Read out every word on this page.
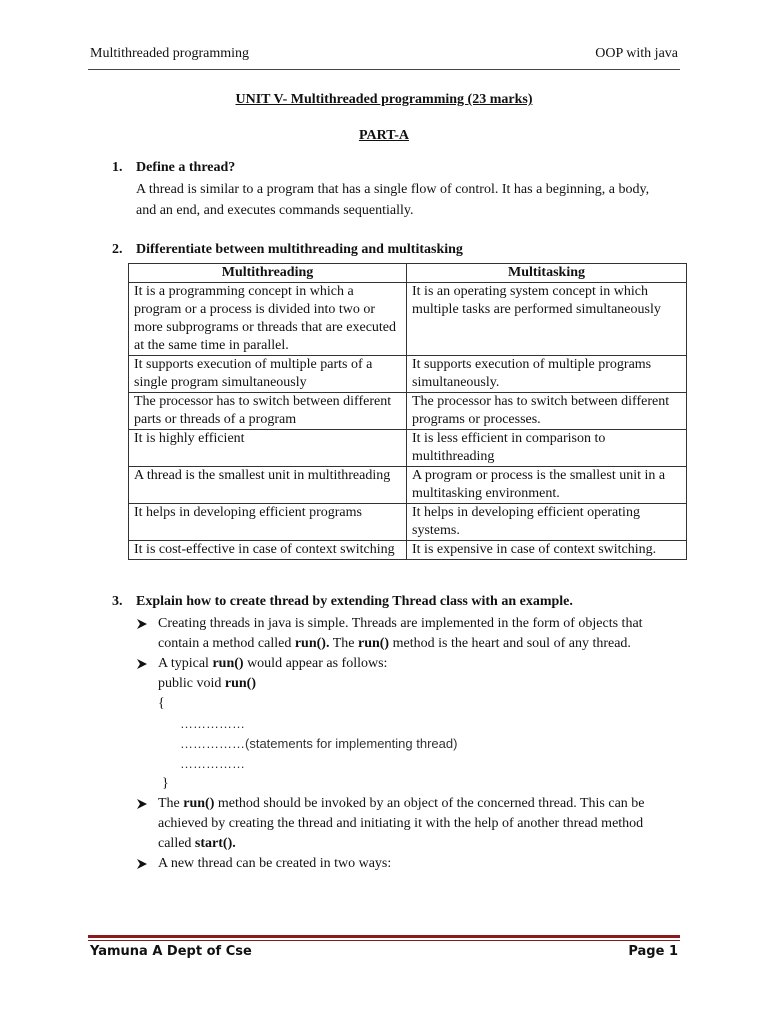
Multithreaded programming	OOP with java
UNIT V- Multithreaded programming (23 marks)
PART-A
1. Define a thread?
A thread is similar to a program that has a single flow of control. It has a beginning, a body, and an end, and executes commands sequentially.
2. Differentiate between multithreading and multitasking
Multithreading	Multitasking
It is a programming concept in which a program or a process is divided into two or more subprograms or threads that are executed at the same time in parallel.	It is an operating system concept in which multiple tasks are performed simultaneously
It supports execution of multiple parts of a single program simultaneously	It supports execution of multiple programs simultaneously.
The processor has to switch between different parts or threads of a program	The processor has to switch between different programs or processes.
It is highly efficient	It is less efficient in comparison to multithreading
A thread is the smallest unit in multithreading	A program or process is the smallest unit in a multitasking environment.
It helps in developing efficient programs	It helps in developing efficient operating systems.
It is cost-effective in case of context switching	It is expensive in case of context switching.
3. Explain how to create thread by extending Thread class with an example.
Creating threads in java is simple. Threads are implemented in the form of objects that contain a method called run(). The run() method is the heart and soul of any thread.
A typical run() would appear as follows:
public void run()
{
……………
……………(statements for implementing thread)
……………
}
The run() method should be invoked by an object of the concerned thread. This can be achieved by creating the thread and initiating it with the help of another thread method called start().
A new thread can be created in two ways:
Yamuna A Dept of Cse	Page 1
